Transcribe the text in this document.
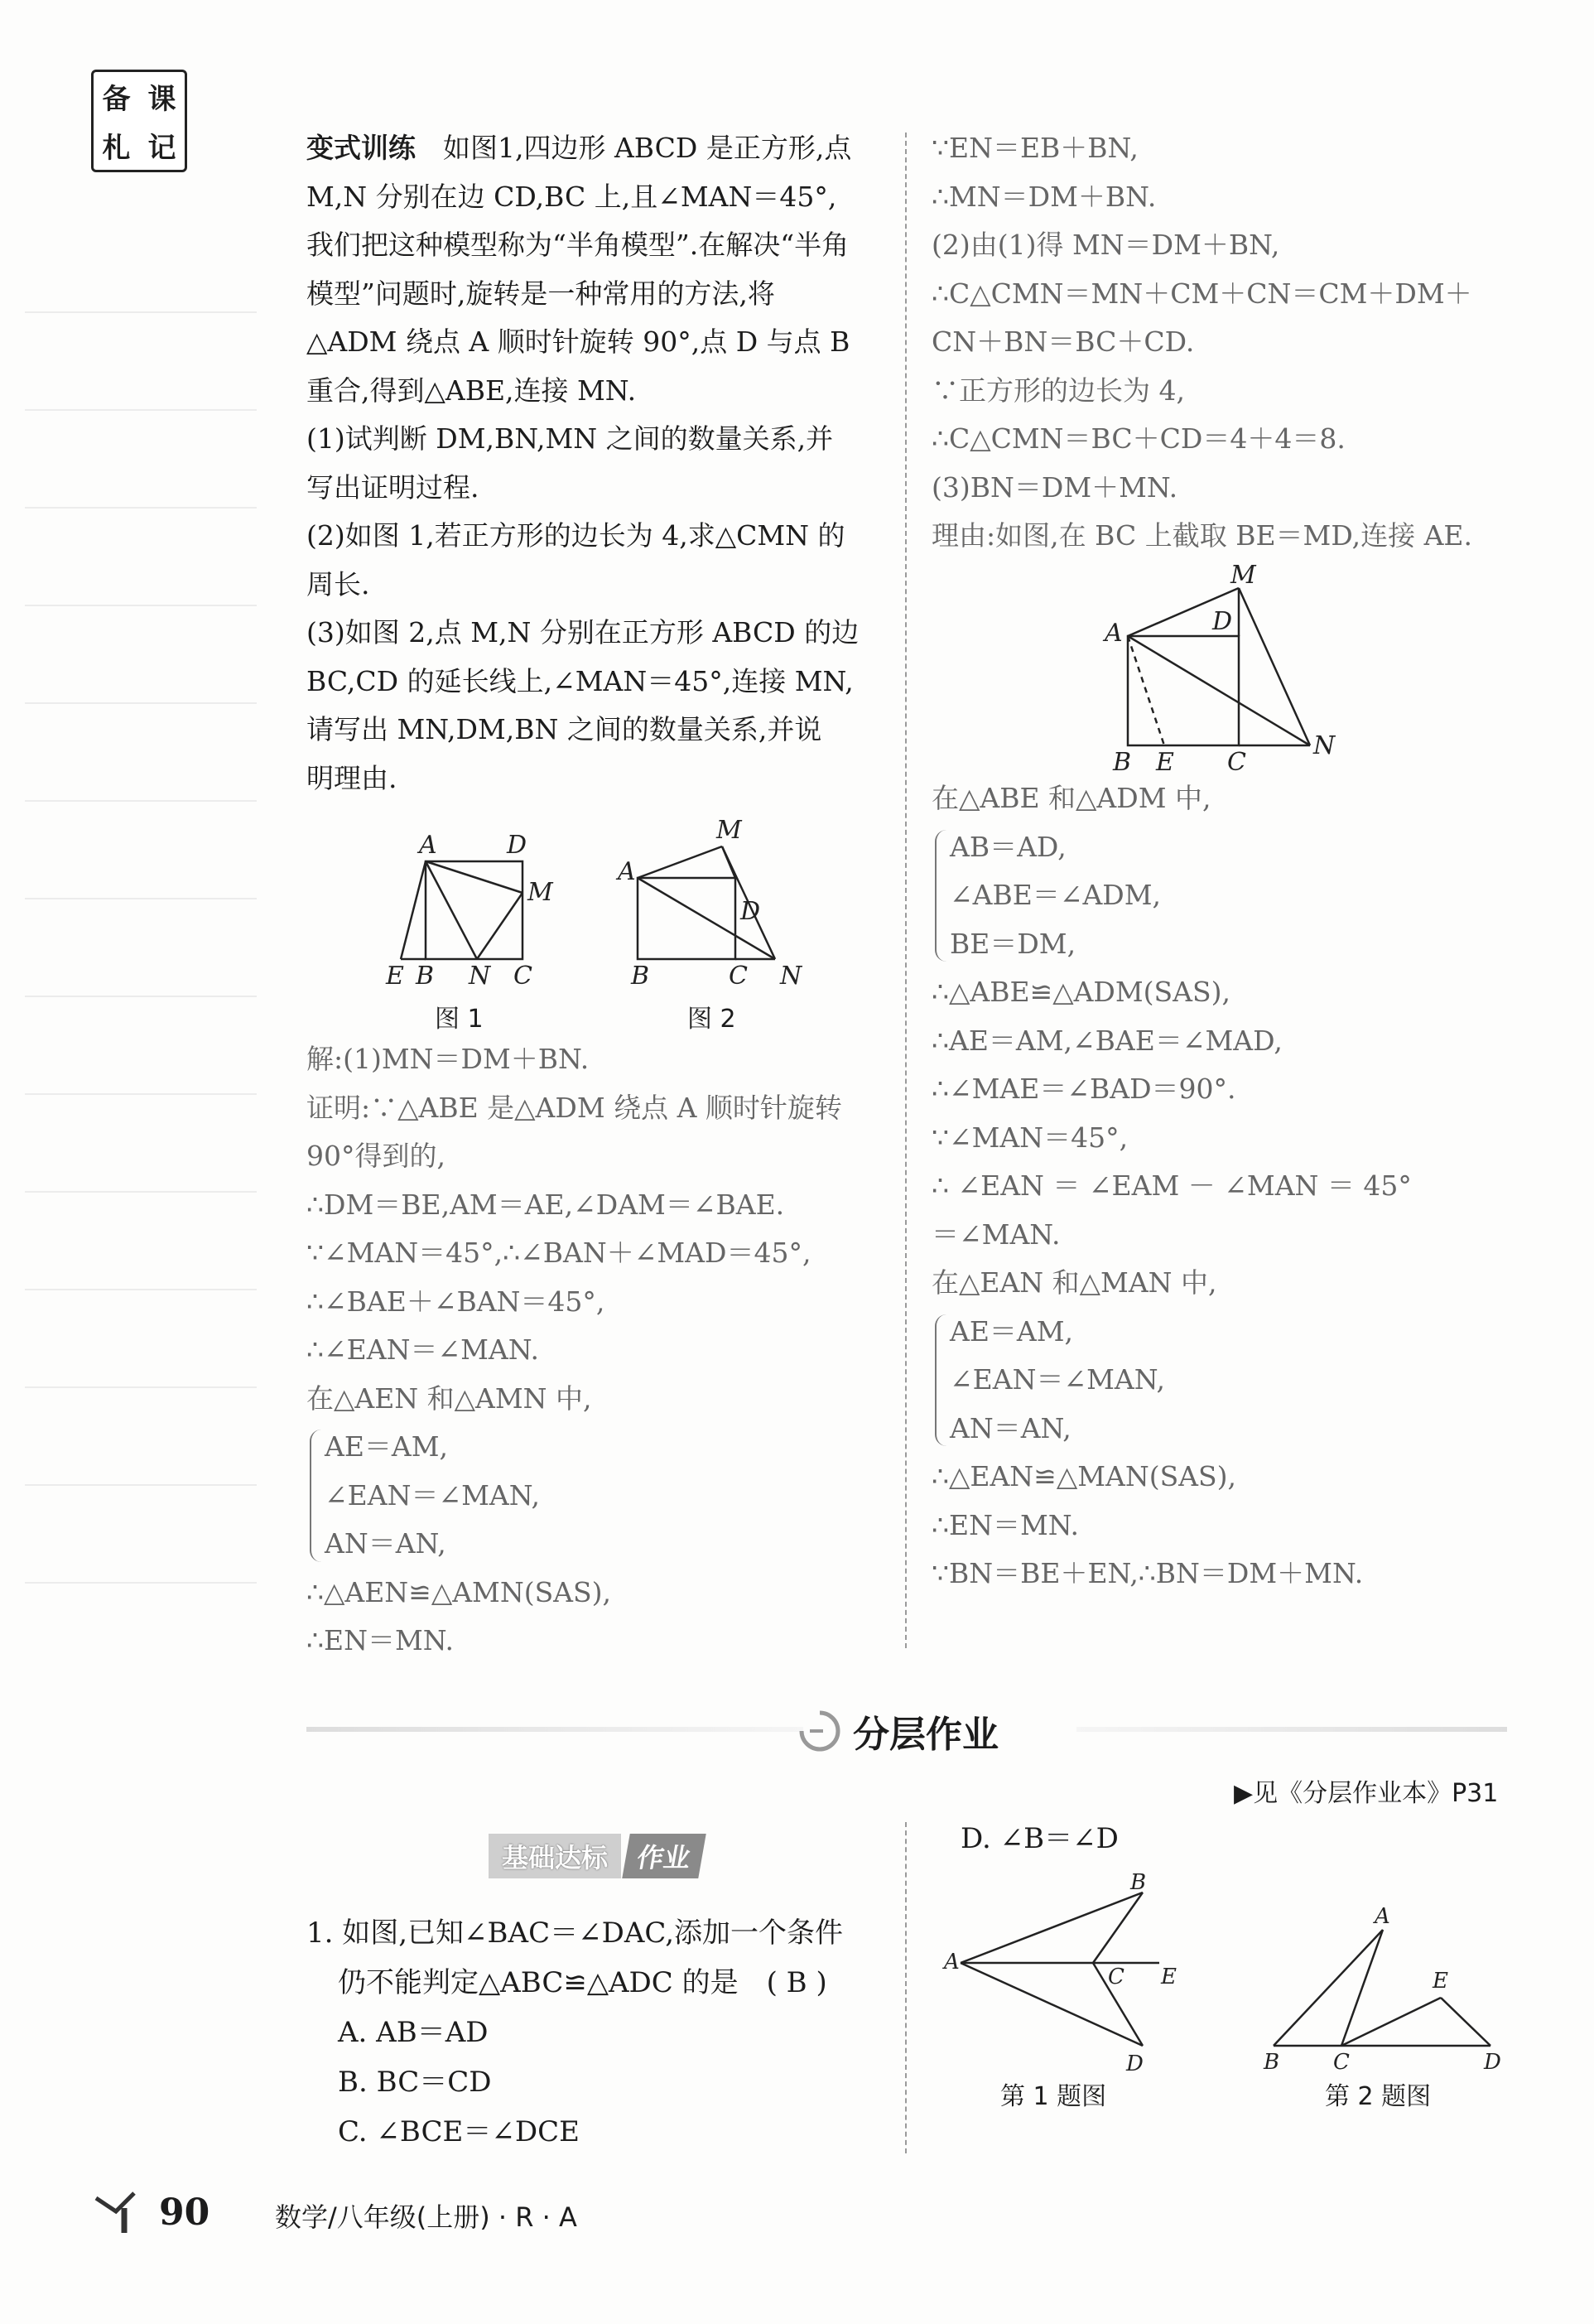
备 课
札 记	变式训练　 如图1,四边形 ABCD 是正方形,点
M,N 分别在边 CD,BC 上,且∠MAN＝45°,
我们把这种模型称为“半角模型”.在解决“半角
模型”问题时,旋转是一种常用的方法,将
△ADM 绕点 A 顺时针旋转 90°,点 D 与点 B
重合,得到△ABE,连接 MN.
(1)试判断 DM,BN,MN 之间的数量关系,并
写出证明过程.
(2)如图 1,若正方形的边长为 4,求△CMN 的
周长.
(3)如图 2,点 M,N 分别在正方形 ABCD 的边
BC,CD 的延长线上,∠MAN＝45°,连接 MN,
请写出 MN,DM,BN 之间的数量关系,并说
明理由.
A	D
M
E B N C
M
A
D
B	C N
图 1	图 2
解:(1)MN＝DM＋BN.
证明:∵△ABE 是△ADM 绕点 A 顺时针旋转
90°得到的,
∴DM＝BE,AM＝AE,∠DAM＝∠BAE.
∵∠MAN＝45°,∴∠BAN＋∠MAD＝45°,
∴∠BAE＋∠BAN＝45°,
∴∠EAN＝∠MAN.
在△AEN 和△AMN 中,
AE＝AM,
∠EAN＝∠MAN,
AN＝AN,
∴△AEN≌△AMN(SAS),
∴EN＝MN.
∵EN＝EB＋BN,
∴MN＝DM＋BN.
(2)由(1)得 MN＝DM＋BN,
∴C△CMN＝MN＋CM＋CN＝CM＋DM＋
CN＋BN＝BC＋CD.
∵正方形的边长为 4,
∴C△CMN＝BC＋CD＝4＋4＝8.
(3)BN＝DM＋MN.
理由:如图,在 BC 上截取 BE＝MD,连接 AE.
M
A	D
B E C
N
在△ABE 和△ADM 中,
AB＝AD,
∠ABE＝∠ADM,
BE＝DM,
∴△ABE≌△ADM(SAS),
∴AE＝AM,∠BAE＝∠MAD,
∴∠MAE＝∠BAD＝90°.
∵∠MAN＝45°,
∴ ∠EAN ＝ ∠EAM － ∠MAN ＝ 45°
＝∠MAN.
在△EAN 和△MAN 中,
AE＝AM,
∠EAN＝∠MAN,
AN＝AN,
∴△EAN≌△MAN(SAS),
∴EN＝MN.
∵BN＝BE＋EN,∴BN＝DM＋MN.
分层作业
▶见《分层作业本》P31
基础达标	作业
1. 如图,已知∠BAC＝∠DAC,添加一个条件
仍不能判定△ABC≌△ADC 的是　( B )
A. AB＝AD
B. BC＝CD
C. ∠BCE＝∠DCE
D. ∠B＝∠D
A
B
C E
D
第 1 题图
A
B C
E
D
第 2 题图
90 数学/八年级(上册) · R · A
